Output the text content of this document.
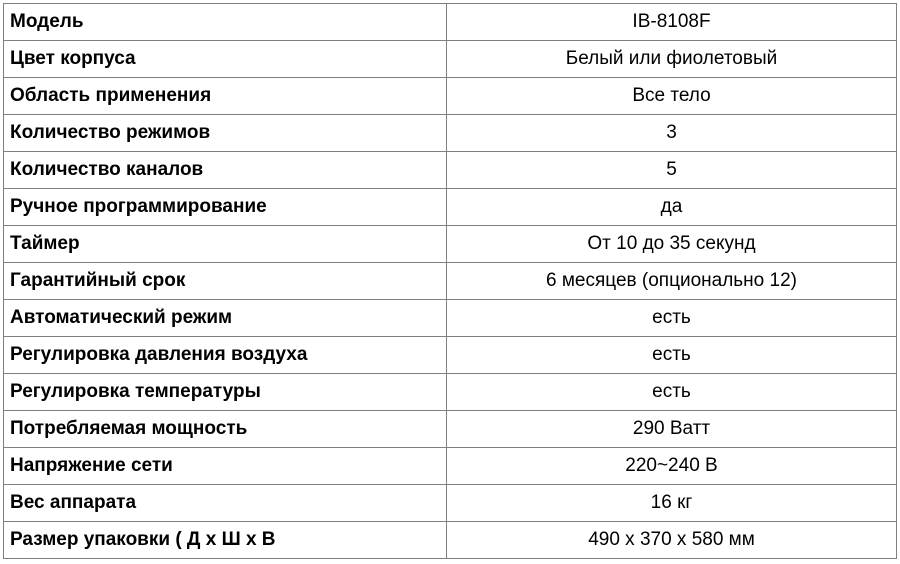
Модель	IB-8108F
Цвет корпуса	Белый или фиолетовый
Область применения	Все тело
Количество режимов	3
Количество каналов	5
Ручное программирование	да
Таймер	От 10 до 35 секунд
Гарантийный срок	6 месяцев (опционально 12)
Автоматический режим	есть
Регулировка давления воздуха	есть
Регулировка температуры	есть
Потребляемая мощность	290 Ватт
Напряжение сети	220~240 В
Вес аппарата	16 кг
Размер упаковки ( Д х Ш х В	490 x 370 x 580 мм
